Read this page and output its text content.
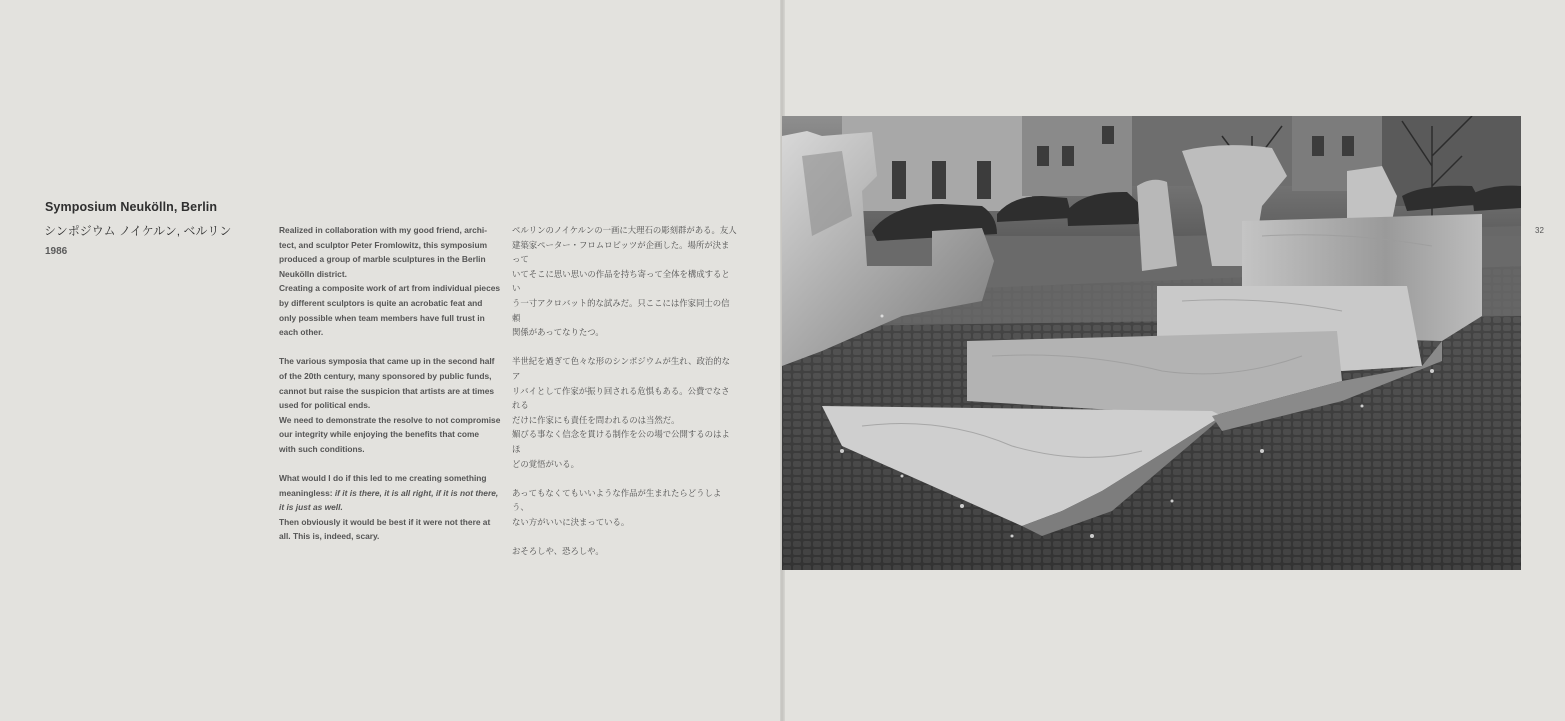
Symposium Neukölln, Berlin
シンポジウム ノイケルン, ベルリン
1986

Realized in collaboration with my good friend, archi-

tect, and sculptor Peter Fromlowitz, this symposium

produced a group of marble sculptures in the Berlin

Neukölln district.

Creating a composite work of art from individual pieces

by different sculptors is quite an acrobatic feat and

only possible when team members have full trust in

each other.

The various symposia that came up in the second half

of the 20th century, many sponsored by public funds,

cannot but raise the suspicion that artists are at times

used for political ends.

We need to demonstrate the resolve to not compromise

our integrity while enjoying the benefits that come

with such conditions.

What would I do if this led to me creating something

meaningless: if it is there, it is all right, if it is not there,

it is just as well.

Then obviously it would be best if it were not there at

all. This is, indeed, scary.

ベルリンのノイケルンの一画に大理石の彫刻群がある。友人

建築家ペーター・フロムロビッツが企画した。場所が決まって

いてそこに思い思いの作品を持ち寄って全体を構成するとい

う一寸アクロバット的な試みだ。只ここには作家同士の信頼

関係があってなりたつ。

半世紀を過ぎて色々な形のシンポジウムが生れ、政治的なア

リバイとして作家が振り回される危惧もある。公費でなされる

だけに作家にも責任を問われるのは当然だ。

媚びる事なく信念を貫ける制作を公の場で公開するのはよほ

どの覚悟がいる。

あってもなくてもいいような作品が生まれたらどうしよう、

ない方がいいに決まっている。

おそろしや、恐ろしや。

32
